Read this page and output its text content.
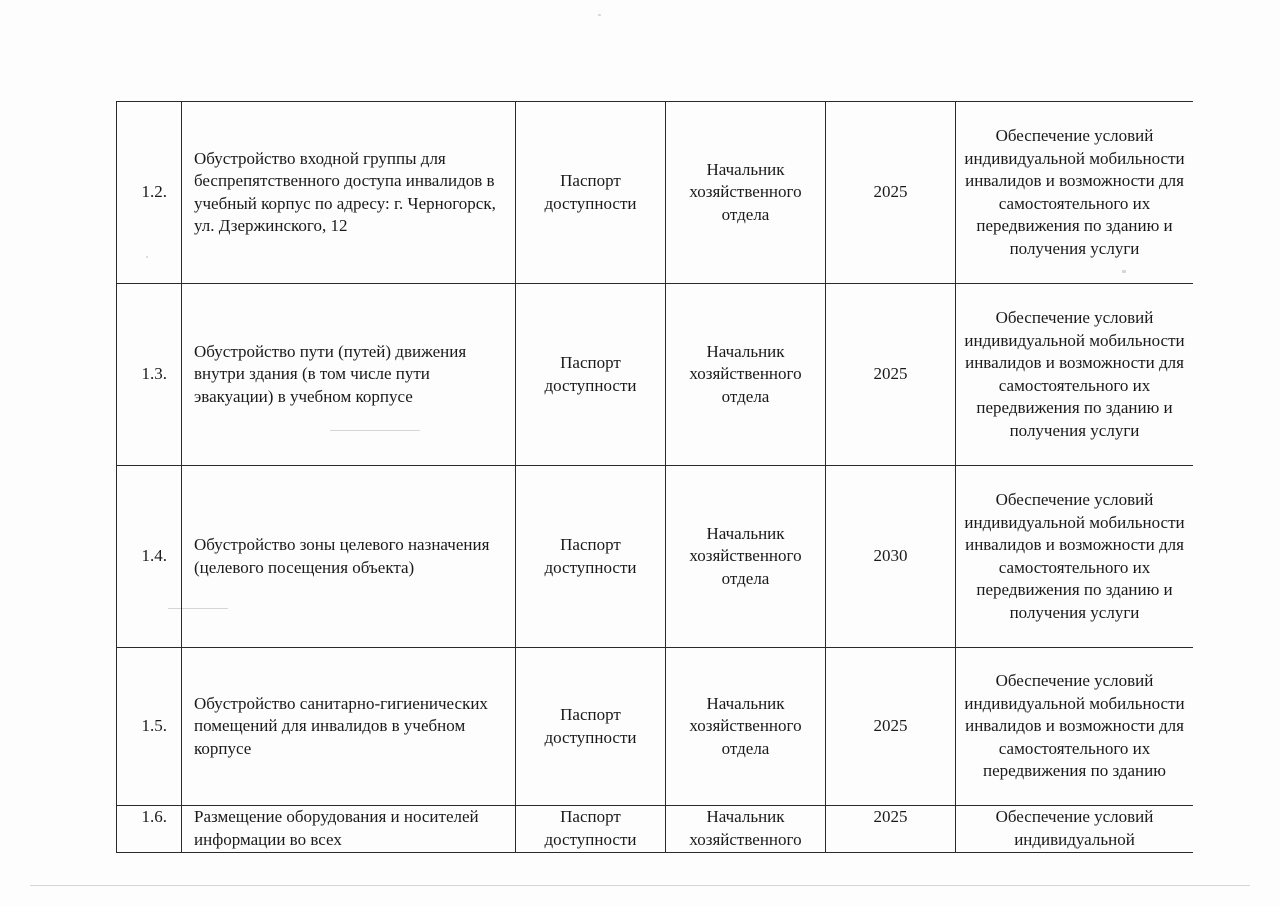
1.2.	Обустройство входной группы для беспрепятственного доступа инвалидов в учебный корпус по адресу: г. Черногорск, ул. Дзержинского, 12	Паспорт доступности	Начальник хозяйственного отдела	2025	Обеспечение условий индивидуальной мобильности инвалидов и возможности для самостоятельного их передвижения по зданию и получения услуги
1.3.	Обустройство пути (путей) движения внутри здания (в том числе пути эвакуации) в учебном корпусе	Паспорт доступности	Начальник хозяйственного отдела	2025	Обеспечение условий индивидуальной мобильности инвалидов и возможности для самостоятельного их передвижения по зданию и получения услуги
1.4.	Обустройство зоны целевого назначения (целевого посещения объекта)	Паспорт доступности	Начальник хозяйственного отдела	2030	Обеспечение условий индивидуальной мобильности инвалидов и возможности для самостоятельного их передвижения по зданию и получения услуги
1.5.	Обустройство санитарно-гигиенических помещений для инвалидов в учебном корпусе	Паспорт доступности	Начальник хозяйственного отдела	2025	Обеспечение условий индивидуальной мобильности инвалидов и возможности для самостоятельного их передвижения по зданию
1.6.	Размещение оборудования и носителей информации во всех	Паспорт доступности	Начальник хозяйственного	2025	Обеспечение условий индивидуальной
